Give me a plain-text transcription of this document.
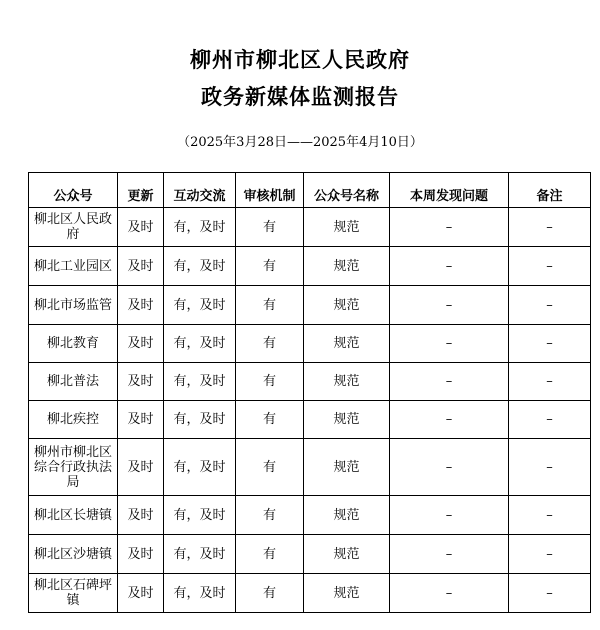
柳州市柳北区人民政府
政务新媒体监测报告
（2025年3月28日——2025年4月10日）
公众号	更新	互动交流	审核机制	公众号名称	本周发现问题	备注
柳北区人民政府	及时	有，及时	有	规范	–	–
柳北工业园区	及时	有，及时	有	规范	–	–
柳北市场监管	及时	有，及时	有	规范	–	–
柳北教育	及时	有，及时	有	规范	–	–
柳北普法	及时	有，及时	有	规范	–	–
柳北疾控	及时	有，及时	有	规范	–	–
柳州市柳北区综合行政执法局	及时	有，及时	有	规范	–	–
柳北区长塘镇	及时	有，及时	有	规范	–	–
柳北区沙塘镇	及时	有，及时	有	规范	–	–
柳北区石碑坪镇	及时	有，及时	有	规范	–	–
